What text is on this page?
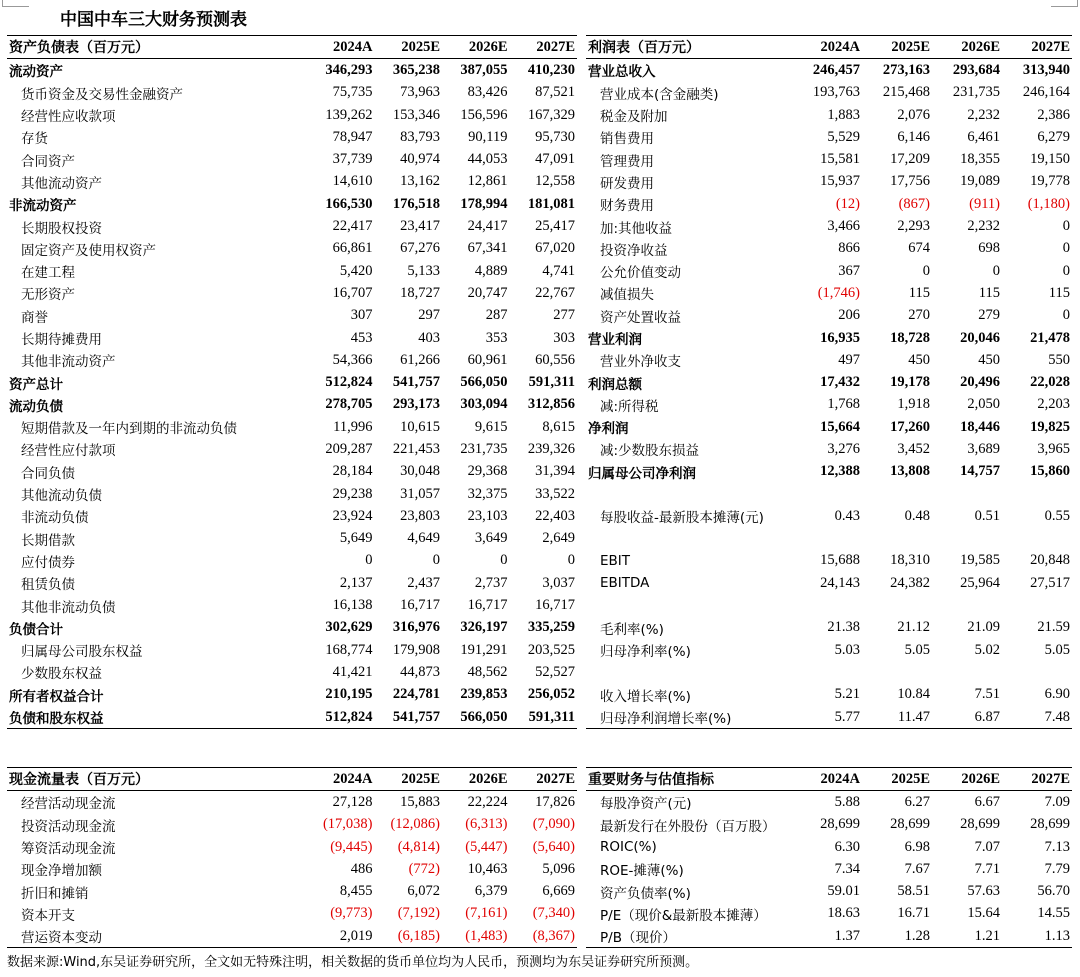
中国中车三大财务预测表
资产负债表（百万元）	2024A	2025E	2026E	2027E
流动资产	346,293	365,238	387,055	410,230
货币资金及交易性金融资产	75,735	73,963	83,426	87,521
经营性应收款项	139,262	153,346	156,596	167,329
存货	78,947	83,793	90,119	95,730
合同资产	37,739	40,974	44,053	47,091
其他流动资产	14,610	13,162	12,861	12,558
非流动资产	166,530	176,518	178,994	181,081
长期股权投资	22,417	23,417	24,417	25,417
固定资产及使用权资产	66,861	67,276	67,341	67,020
在建工程	5,420	5,133	4,889	4,741
无形资产	16,707	18,727	20,747	22,767
商誉	307	297	287	277
长期待摊费用	453	403	353	303
其他非流动资产	54,366	61,266	60,961	60,556
资产总计	512,824	541,757	566,050	591,311
流动负债	278,705	293,173	303,094	312,856
短期借款及一年内到期的非流动负债	11,996	10,615	9,615	8,615
经营性应付款项	209,287	221,453	231,735	239,326
合同负债	28,184	30,048	29,368	31,394
其他流动负债	29,238	31,057	32,375	33,522
非流动负债	23,924	23,803	23,103	22,403
长期借款	5,649	4,649	3,649	2,649
应付债券	0	0	0	0
租赁负债	2,137	2,437	2,737	3,037
其他非流动负债	16,138	16,717	16,717	16,717
负债合计	302,629	316,976	326,197	335,259
归属母公司股东权益	168,774	179,908	191,291	203,525
少数股东权益	41,421	44,873	48,562	52,527
所有者权益合计	210,195	224,781	239,853	256,052
负债和股东权益	512,824	541,757	566,050	591,311
利润表（百万元）	2024A	2025E	2026E	2027E
营业总收入	246,457	273,163	293,684	313,940
营业成本(含金融类)	193,763	215,468	231,735	246,164
税金及附加	1,883	2,076	2,232	2,386
销售费用	5,529	6,146	6,461	6,279
管理费用	15,581	17,209	18,355	19,150
研发费用	15,937	17,756	19,089	19,778
财务费用	(12)	(867)	(911)	(1,180)
加:其他收益	3,466	2,293	2,232	0
投资净收益	866	674	698	0
公允价值变动	367	0	0	0
减值损失	(1,746)	115	115	115
资产处置收益	206	270	279	0
营业利润	16,935	18,728	20,046	21,478
营业外净收支	497	450	450	550
利润总额	17,432	19,178	20,496	22,028
减:所得税	1,768	1,918	2,050	2,203
净利润	15,664	17,260	18,446	19,825
减:少数股东损益	3,276	3,452	3,689	3,965
归属母公司净利润	12,388	13,808	14,757	15,860

每股收益-最新股本摊薄(元)	0.43	0.48	0.51	0.55

EBIT	15,688	18,310	19,585	20,848
EBITDA	24,143	24,382	25,964	27,517

毛利率(%)	21.38	21.12	21.09	21.59
归母净利率(%)	5.03	5.05	5.02	5.05

收入增长率(%)	5.21	10.84	7.51	6.90
归母净利润增长率(%)	5.77	11.47	6.87	7.48
现金流量表（百万元）	2024A	2025E	2026E	2027E
经营活动现金流	27,128	15,883	22,224	17,826
投资活动现金流	(17,038)	(12,086)	(6,313)	(7,090)
筹资活动现金流	(9,445)	(4,814)	(5,447)	(5,640)
现金净增加额	486	(772)	10,463	5,096
折旧和摊销	8,455	6,072	6,379	6,669
资本开支	(9,773)	(7,192)	(7,161)	(7,340)
营运资本变动	2,019	(6,185)	(1,483)	(8,367)
重要财务与估值指标	2024A	2025E	2026E	2027E
每股净资产(元)	5.88	6.27	6.67	7.09
最新发行在外股份（百万股）	28,699	28,699	28,699	28,699
ROIC(%)	6.30	6.98	7.07	7.13
ROE-摊薄(%)	7.34	7.67	7.71	7.79
资产负债率(%)	59.01	58.51	57.63	56.70
P/E（现价&最新股本摊薄）	18.63	16.71	15.64	14.55
P/B（现价）	1.37	1.28	1.21	1.13
数据来源:Wind,东吴证券研究所，全文如无特殊注明，相关数据的货币单位均为人民币，预测均为东吴证券研究所预测。
